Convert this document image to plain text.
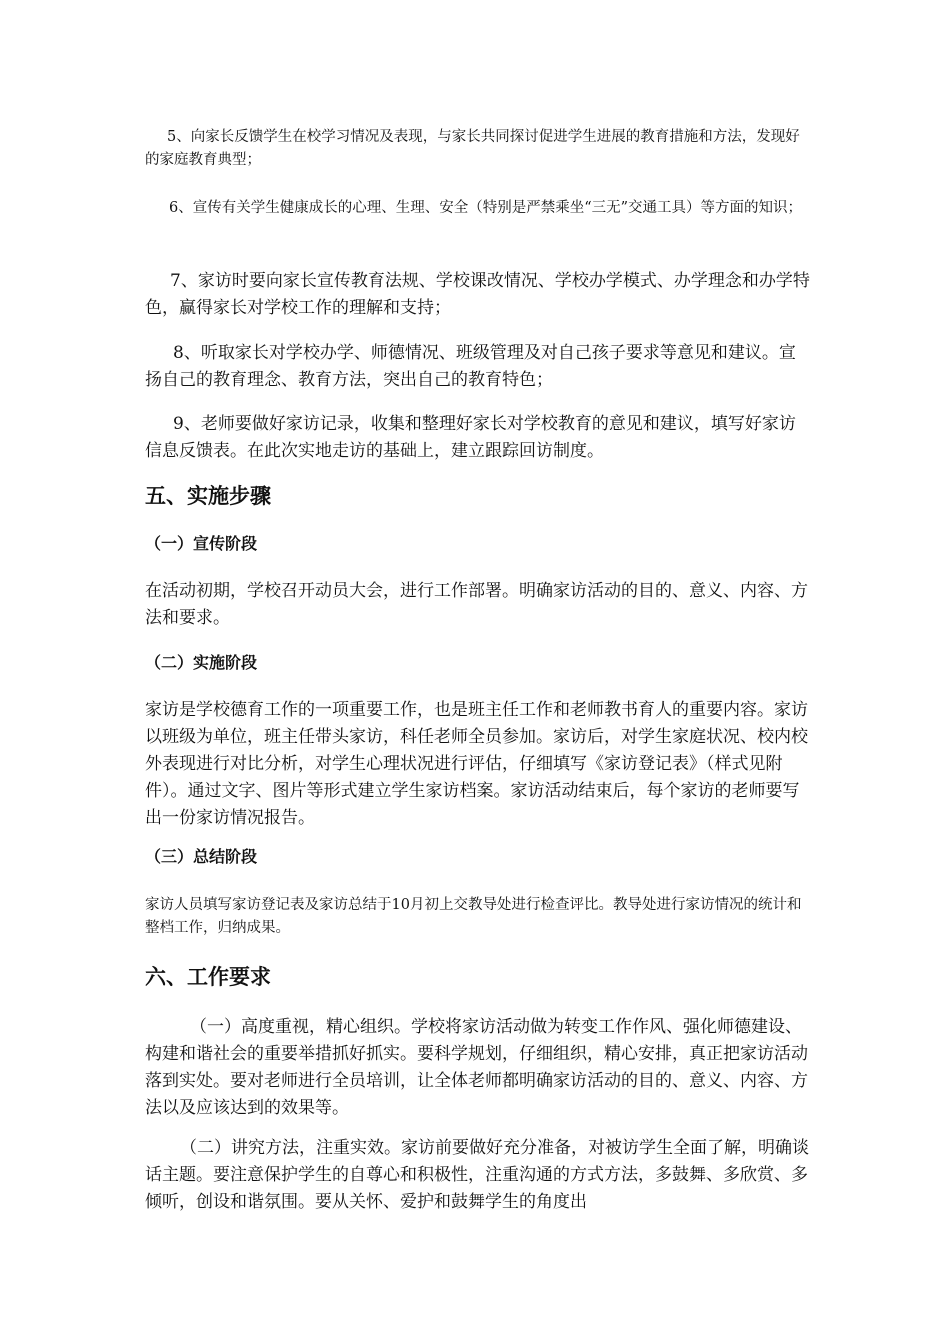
5、向家长反馈学生在校学习情况及表现，与家长共同探讨促进学生进展的教育措施和方法，发现好的家庭教育典型；

6、宣传有关学生健康成长的心理、生理、安全（特别是严禁乘坐“三无”交通工具）等方面的知识；

7、家访时要向家长宣传教育法规、学校课改情况、学校办学模式、办学理念和办学特色，赢得家长对学校工作的理解和支持；

8、听取家长对学校办学、师德情况、班级管理及对自己孩子要求等意见和建议。宣扬自己的教育理念、教育方法，突出自己的教育特色；

9、老师要做好家访记录，收集和整理好家长对学校教育的意见和建议，填写好家访信息反馈表。在此次实地走访的基础上，建立跟踪回访制度。

五、实施步骤
（一）宣传阶段

在活动初期，学校召开动员大会，进行工作部署。明确家访活动的目的、意义、内容、方法和要求。

（二）实施阶段

家访是学校德育工作的一项重要工作，也是班主任工作和老师教书育人的重要内容。家访以班级为单位，班主任带头家访，科任老师全员参加。家访后，对学生家庭状况、校内校外表现进行对比分析，对学生心理状况进行评估，仔细填写《家访登记表》（样式见附件）。通过文字、图片等形式建立学生家访档案。家访活动结束后，每个家访的老师要写出一份家访情况报告。

（三）总结阶段

家访人员填写家访登记表及家访总结于10月初上交教导处进行检查评比。教导处进行家访情况的统计和整档工作，归纳成果。

六、工作要求

（一）高度重视，精心组织。学校将家访活动做为转变工作作风、强化师德建设、构建和谐社会的重要举措抓好抓实。要科学规划，仔细组织，精心安排，真正把家访活动落到实处。要对老师进行全员培训，让全体老师都明确家访活动的目的、意义、内容、方法以及应该达到的效果等。

（二）讲究方法，注重实效。家访前要做好充分准备，对被访学生全面了解，明确谈话主题。要注意保护学生的自尊心和积极性，注重沟通的方式方法，多鼓舞、多欣赏、多倾听，创设和谐氛围。要从关怀、爱护和鼓舞学生的角度出
